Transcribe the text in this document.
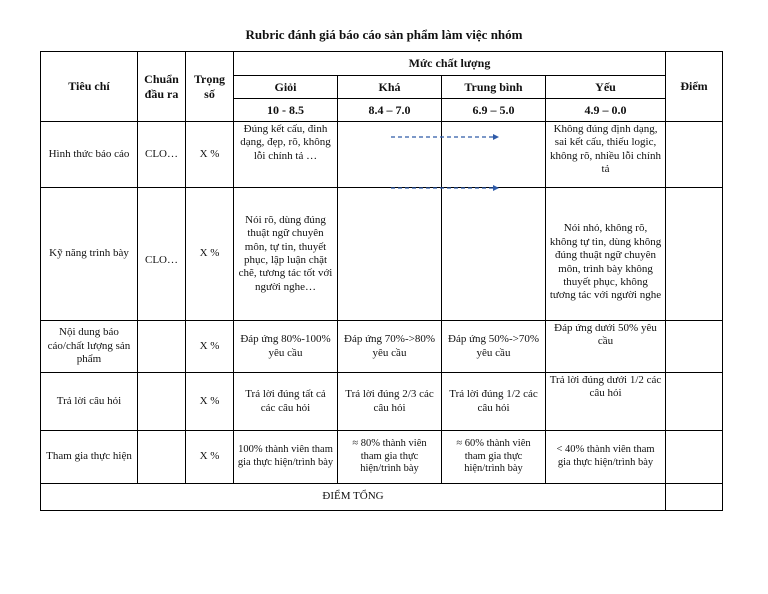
Rubric đánh giá báo cáo sản phẩm làm việc nhóm
Tiêu chí	Chuẩn đầu ra	Trọng số	Mức chất lượng				Điểm
			Giỏi	Khá	Trung bình	Yếu	
			10 - 8.5	8.4 – 7.0	6.9 – 5.0	4.9 – 0.0	
Hình thức báo cáo	CLO…	X %	Đúng kết cấu, đinh dạng, đẹp, rõ, không lỗi chính tả …			Không đúng định dạng, sai kết cấu, thiếu logic, không rõ, nhiều lỗi chính tả	
Kỹ năng trình bày	CLO…	X %	Nói rõ, dùng đúng thuật ngữ chuyên môn, tự tin, thuyết phục, lập luận chặt chẽ, tương tác tốt với người nghe…			Nói nhỏ, không rõ, không tự tin, dùng không đúng thuật ngữ chuyên môn, trình bày không thuyết phục, không tương tác với người nghe	
Nội dung báo cáo/chất lượng sản phẩm		X %	Đáp ứng 80%-100% yêu cầu	Đáp ứng 70%->80% yêu cầu	Đáp ứng 50%->70% yêu cầu	Đáp ứng dưới 50% yêu cầu	
Trả lời câu hỏi		X %	Trả lời đúng tất cả các câu hỏi	Trả lời đúng 2/3 các câu hỏi	Trả lời đúng 1/2 các câu hỏi	Trả lời đúng dưới 1/2 các câu hỏi	
Tham gia thực hiện		X %	100% thành viên tham gia thực hiện/trình bày	≈ 80% thành viên tham gia thực hiện/trình bày	≈ 60% thành viên tham gia thực hiện/trình bày	< 40% thành viên tham gia thực hiện/trình bày	
ĐIỂM TỔNG							
